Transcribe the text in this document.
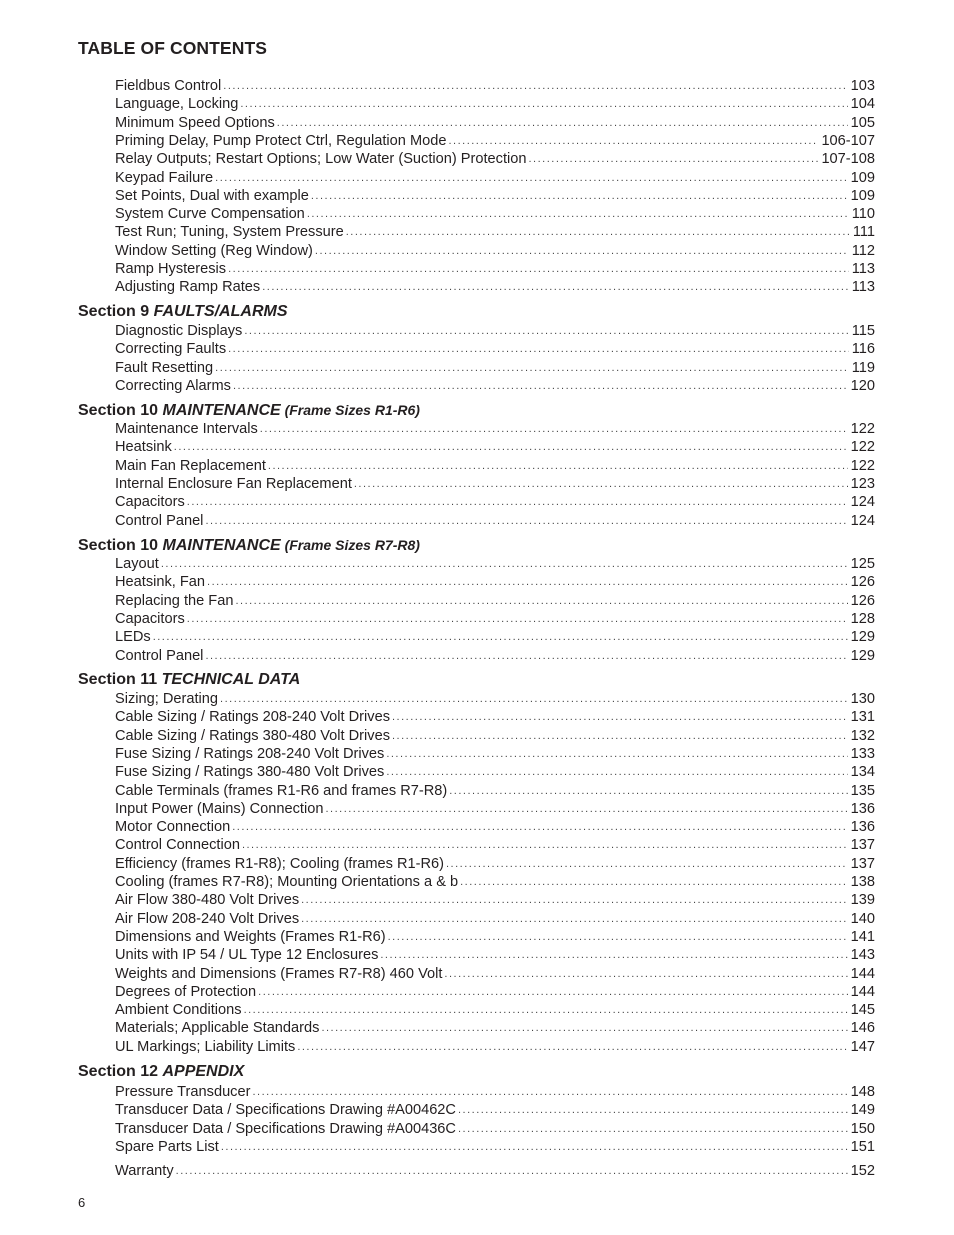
TABLE OF CONTENTS
Fieldbus Control .....	103
Language, Locking .....	104
Minimum Speed Options .....	105
Priming Delay, Pump Protect Ctrl, Regulation Mode .....	106-107
Relay Outputs; Restart Options; Low Water (Suction) Protection .....	107-108
Keypad Failure .....	109
Set Points, Dual with example .....	109
System Curve Compensation .....	110
Test Run; Tuning, System Pressure .....	111
Window Setting (Reg Window) .....	112
Ramp Hysteresis .....	113
Adjusting Ramp Rates .....	113
Section 9 FAULTS/ALARMS
Diagnostic Displays .....	115
Correcting Faults .....	116
Fault Resetting .....	119
Correcting Alarms .....	120
Section 10 MAINTENANCE (Frame Sizes R1-R6)
Maintenance Intervals .....	122
Heatsink .....	122
Main Fan Replacement .....	122
Internal Enclosure Fan Replacement .....	123
Capacitors .....	124
Control Panel .....	124
Section 10 MAINTENANCE (Frame Sizes R7-R8)
Layout .....	125
Heatsink, Fan .....	126
Replacing the Fan .....	126
Capacitors .....	128
LEDs .....	129
Control Panel .....	129
Section 11 TECHNICAL DATA
Sizing; Derating .....	130
Cable Sizing / Ratings 208-240 Volt Drives .....	131
Cable Sizing / Ratings 380-480 Volt Drives .....	132
Fuse Sizing / Ratings 208-240 Volt Drives .....	133
Fuse Sizing / Ratings 380-480 Volt Drives .....	134
Cable Terminals (frames R1-R6 and frames R7-R8) .....	135
Input Power (Mains) Connection .....	136
Motor Connection .....	136
Control Connection .....	137
Efficiency (frames R1-R8); Cooling (frames R1-R6) .....	137
Cooling (frames R7-R8); Mounting Orientations a & b .....	138
Air Flow 380-480 Volt Drives .....	139
Air Flow 208-240 Volt Drives .....	140
Dimensions and Weights (Frames R1-R6) .....	141
Units with IP 54 / UL Type 12 Enclosures .....	143
Weights and Dimensions (Frames R7-R8) 460 Volt .....	144
Degrees of Protection .....	144
Ambient Conditions .....	145
Materials; Applicable Standards .....	146
UL Markings; Liability Limits .....	147
Section 12 APPENDIX
Pressure Transducer .....	148
Transducer Data / Specifications Drawing #A00462C .....	149
Transducer Data / Specifications Drawing #A00436C .....	150
Spare Parts List .....	151
Warranty .....	152
6
